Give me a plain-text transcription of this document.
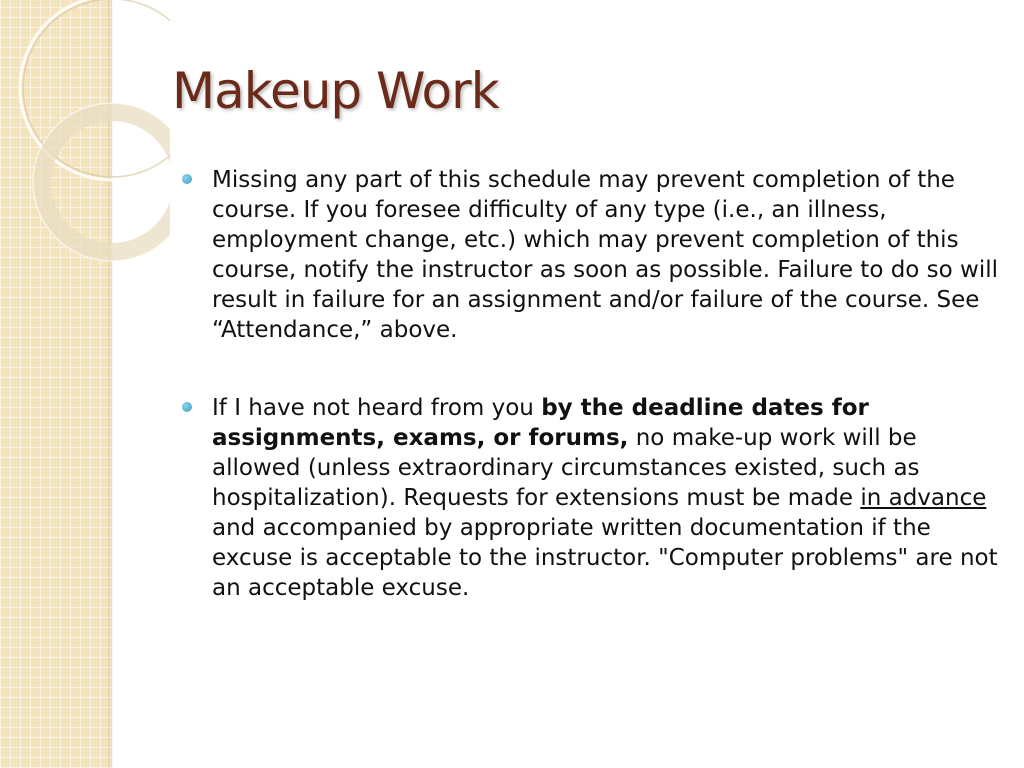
Makeup Work
Missing any part of this schedule may prevent completion of the course. If you foresee difficulty of any type (i.e., an illness, employment change, etc.) which may prevent completion of this course, notify the instructor as soon as possible. Failure to do so will result in failure for an assignment and/or failure of the course. See “Attendance,” above.
If I have not heard from you by the deadline dates for assignments, exams, or forums, no make-up work will be allowed (unless extraordinary circumstances existed, such as hospitalization). Requests for extensions must be made in advance and accompanied by appropriate written documentation if the excuse is acceptable to the instructor. "Computer problems" are not an acceptable excuse.
